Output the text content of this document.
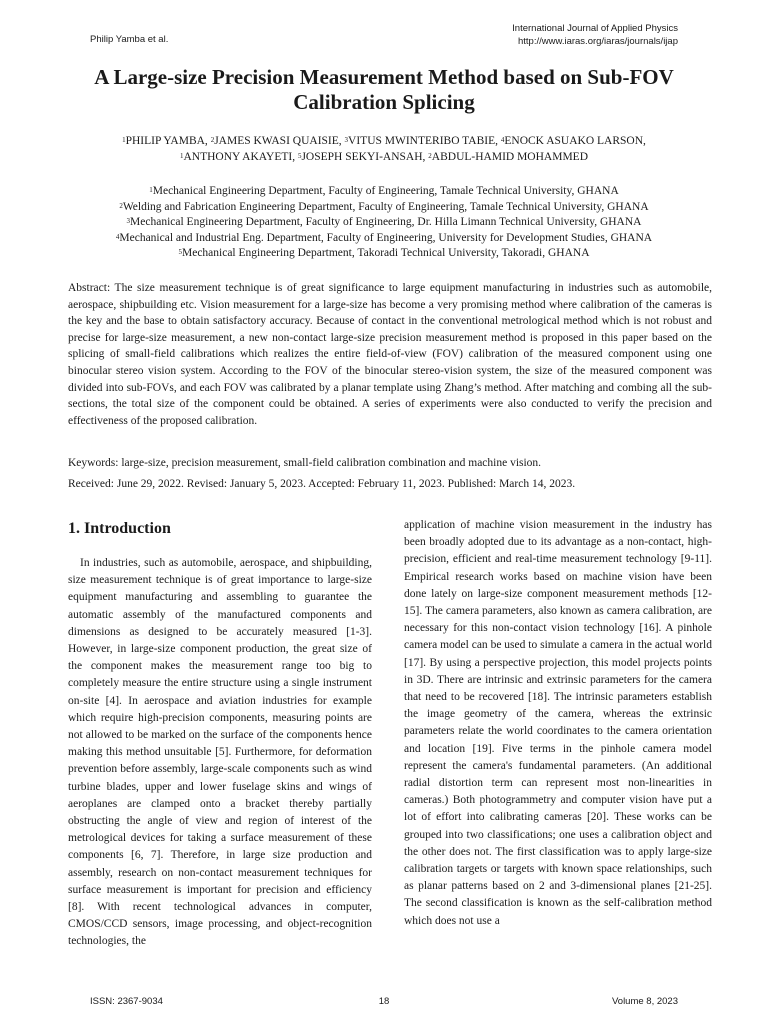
Philip Yamba et al.
International Journal of Applied Physics
http://www.iaras.org/iaras/journals/ijap
A Large-size Precision Measurement Method based on Sub-FOV
Calibration Splicing
$^1$PHILIP YAMBA, $^2$JAMES KWASI QUAISIE, $^3$VITUS MWINTERIBO TABIE, $^4$ENOCK ASUAKO LARSON,
$^1$ANTHONY AKAYETI, $^5$JOSEPH SEKYI-ANSAH, $^2$ABDUL-HAMID MOHAMMED
$^1$Mechanical Engineering Department, Faculty of Engineering, Tamale Technical University, GHANA
$^2$Welding and Fabrication Engineering Department, Faculty of Engineering, Tamale Technical University, GHANA
$^3$Mechanical Engineering Department, Faculty of Engineering, Dr. Hilla Limann Technical University, GHANA
$^4$Mechanical and Industrial Eng. Department, Faculty of Engineering, University for Development Studies, GHANA
$^5$Mechanical Engineering Department, Takoradi Technical University, Takoradi, GHANA
Abstract: The size measurement technique is of great significance to large equipment manufacturing in industries such as automobile, aerospace, shipbuilding etc. Vision measurement for a large-size has become a very promising method where calibration of the cameras is the key and the base to obtain satisfactory accuracy. Because of contact in the conventional metrological method which is not robust and precise for large-size measurement, a new non-contact large-size precision measurement method is proposed in this paper based on the splicing of small-field calibrations which realizes the entire field-of-view (FOV) calibration of the measured component using one binocular stereo vision system. According to the FOV of the binocular stereo-vision system, the size of the measured component was divided into sub-FOVs, and each FOV was calibrated by a planar template using Zhang’s method. After matching and combing all the sub-sections, the total size of the component could be obtained. A series of experiments were also conducted to verify the precision and effectiveness of the proposed calibration.
Keywords: large-size, precision measurement, small-field calibration combination and machine vision.
Received: June 29, 2022. Revised: January 5, 2023. Accepted: February 11, 2023. Published: March 14, 2023.
1. Introduction
In industries, such as automobile, aerospace, and shipbuilding, size measurement technique is of great importance to large-size equipment manufacturing and assembling to guarantee the automatic assembly of the manufactured components and dimensions as designed to be accurately measured [1-3]. However, in large-size component production, the great size of the component makes the measurement range too big to completely measure the entire structure using a single instrument on-site [4]. In aerospace and aviation industries for example which require high-precision components, measuring points are not allowed to be marked on the surface of the components hence making this method unsuitable [5]. Furthermore, for deformation prevention before assembly, large-scale components such as wind turbine blades, upper and lower fuselage skins and wings of aeroplanes are clamped onto a bracket thereby partially obstructing the angle of view and region of interest of the metrological devices for taking a surface measurement of these components [6, 7]. Therefore, in large size production and assembly, research on non-contact measurement techniques for surface measurement is important for precision and efficiency [8]. With recent technological advances in computer, CMOS/CCD sensors, image processing, and object-recognition technologies, the
application of machine vision measurement in the industry has been broadly adopted due to its advantage as a non-contact, high-precision, efficient and real-time measurement technology [9-11]. Empirical research works based on machine vision have been done lately on large-size component measurement methods [12-15]. The camera parameters, also known as camera calibration, are necessary for this non-contact vision technology [16]. A pinhole camera model can be used to simulate a camera in the actual world [17]. By using a perspective projection, this model projects points in 3D. There are intrinsic and extrinsic parameters for the camera that need to be recovered [18]. The intrinsic parameters establish the image geometry of the camera, whereas the extrinsic parameters relate the world coordinates to the camera orientation and location [19]. Five terms in the pinhole camera model represent the camera's fundamental parameters. (An additional radial distortion term can represent most non-linearities in cameras.) Both photogrammetry and computer vision have put a lot of effort into calibrating cameras [20]. These works can be grouped into two classifications; one uses a calibration object and the other does not. The first classification was to apply large-size calibration targets or targets with known space relationships, such as planar patterns based on 2 and 3-dimensional planes [21-25]. The second classification is known as the self-calibration method which does not use a
ISSN: 2367-9034	18	Volume 8, 2023
